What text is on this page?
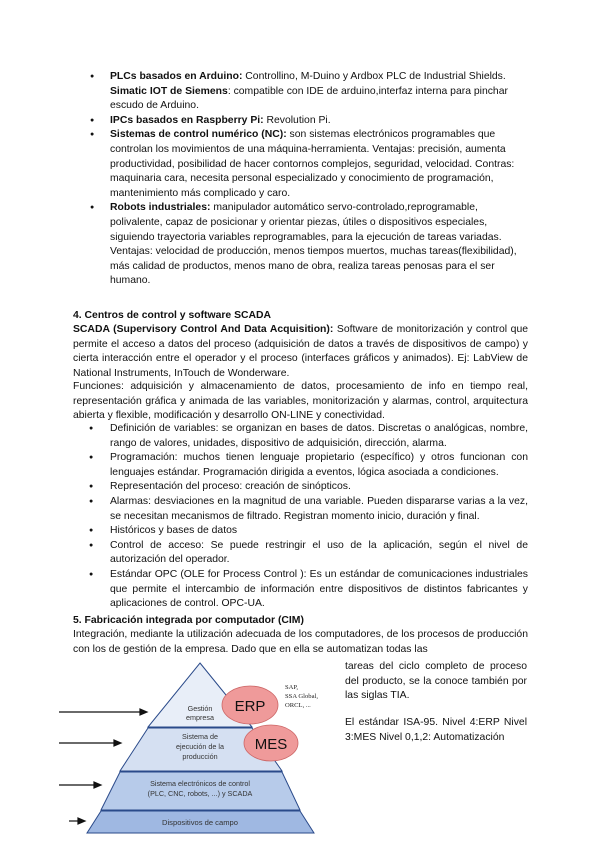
● PLCs basados en Arduino: Controllino, M-Duino y Ardbox PLC de Industrial Shields. Simatic IOT de Siemens: compatible con IDE de arduino,interfaz interna para pinchar escudo de Arduino.
● IPCs basados en Raspberry Pi: Revolution Pi.
● Sistemas de control numérico (NC): son sistemas electrónicos programables que controlan los movimientos de una máquina-herramienta. Ventajas: precisión, aumenta productividad, posibilidad de hacer contornos complejos, seguridad, velocidad. Contras: maquinaria cara, necesita personal especializado y conocimiento de programación, mantenimiento más complicado y caro.
● Robots industriales: manipulador automático servo-controlado,reprogramable, polivalente, capaz de posicionar y orientar piezas, útiles o dispositivos especiales, siguiendo trayectoria variables reprogramables, para la ejecución de tareas variadas. Ventajas: velocidad de producción, menos tiempos muertos, muchas tareas(flexibilidad), más calidad de productos, menos mano de obra, realiza tareas penosas para el ser humano.
4. Centros de control y software SCADA
SCADA (Supervisory Control And Data Acquisition): Software de monitorización y control que permite el acceso a datos del proceso (adquisición de datos a través de dispositivos de campo) y cierta interacción entre el operador y el proceso (interfaces gráficos y animados). Ej: LabView de National Instruments, InTouch de Wonderware.
Funciones: adquisición y almacenamiento de datos, procesamiento de info en tiempo real, representación gráfica y animada de las variables, monitorización y alarmas, control, arquitectura abierta y flexible, modificación y desarrollo ON-LINE y conectividad.
● Definición de variables: se organizan en bases de datos. Discretas o analógicas, nombre, rango de valores, unidades, dispositivo de adquisición, dirección, alarma.
● Programación: muchos tienen lenguaje propietario (específico) y otros funcionan con lenguajes estándar. Programación dirigida a eventos, lógica asociada a condiciones.
● Representación del proceso: creación de sinópticos.
● Alarmas: desviaciones en la magnitud de una variable. Pueden dispararse varias a la vez, se necesitan mecanismos de filtrado. Registran momento inicio, duración y final.
● Históricos y bases de datos
● Control de acceso: Se puede restringir el uso de la aplicación, según el nivel de autorización del operador.
● Estándar OPC (OLE for Process Control ): Es un estándar de comunicaciones industriales que permite el intercambio de información entre dispositivos de distintos fabricantes y aplicaciones de control. OPC-UA.
5. Fabricación integrada por computador (CIM)
Integración, mediante la utilización adecuada de los computadores, de los procesos de producción con los de gestión de la empresa. Dado que en ella se automatizan todas las
tareas del ciclo completo de proceso del producto, se la conoce también por las siglas TIA.
El estándar ISA-95. Nivel 4:ERP Nivel 3:MES Nivel 0,1,2: Automatización
Gestión
empresa
Sistema de
ejecución de la
producción
Sistema electrónicos de control
(PLC, CNC, robots, ...) y SCADA
Dispositivos de campo
ERP
MES
SAP,
SSA Global,
ORCL, ...
